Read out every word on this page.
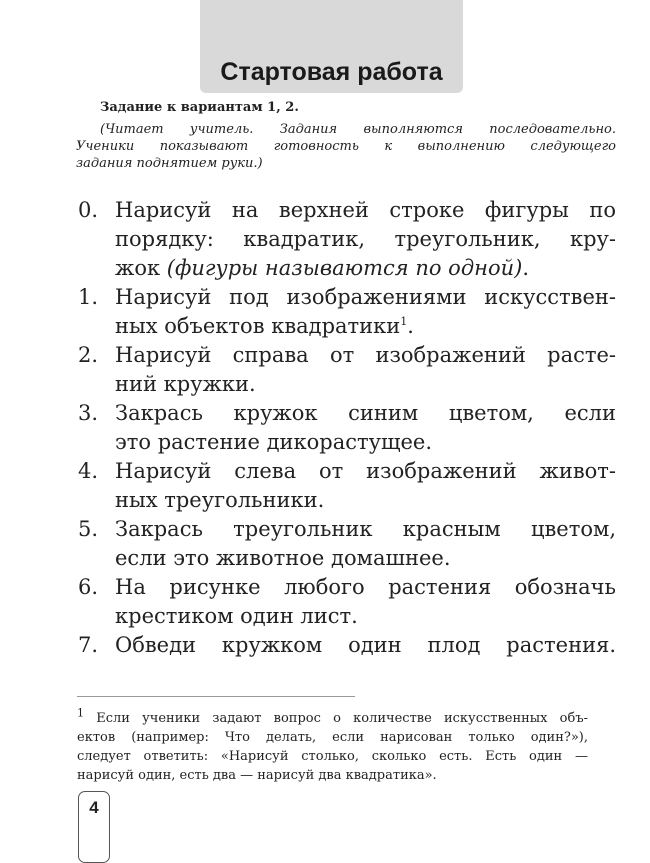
Стартовая работа
Задание к вариантам 1, 2.
(Читает учитель. Задания выполняются последовательно.
Ученики показывают готовность к выполнению следующего
задания поднятием руки.)
0. Нарисуй на верхней строке фигуры по
порядку: квадратик, треугольник, кру-
жок (фигуры называются по одной).
1. Нарисуй под изображениями искусствен-
ных объектов квадратики$^1$.
2. Нарисуй справа от изображений расте-
ний кружки.
3. Закрась кружок синим цветом, если
это растение дикорастущее.
4. Нарисуй слева от изображений живот-
ных треугольники.
5. Закрась треугольник красным цветом,
если это животное домашнее.
6. На рисунке любого растения обозначь
крестиком один лист.
7. Обведи кружком один плод растения.
$^1$ Если ученики задают вопрос о количестве искусственных объ-
ектов (например: Что делать, если нарисован только один?»),
следует ответить: «Нарисуй столько, сколько есть. Есть один —
нарисуй один, есть два — нарисуй два квадратика».
4
